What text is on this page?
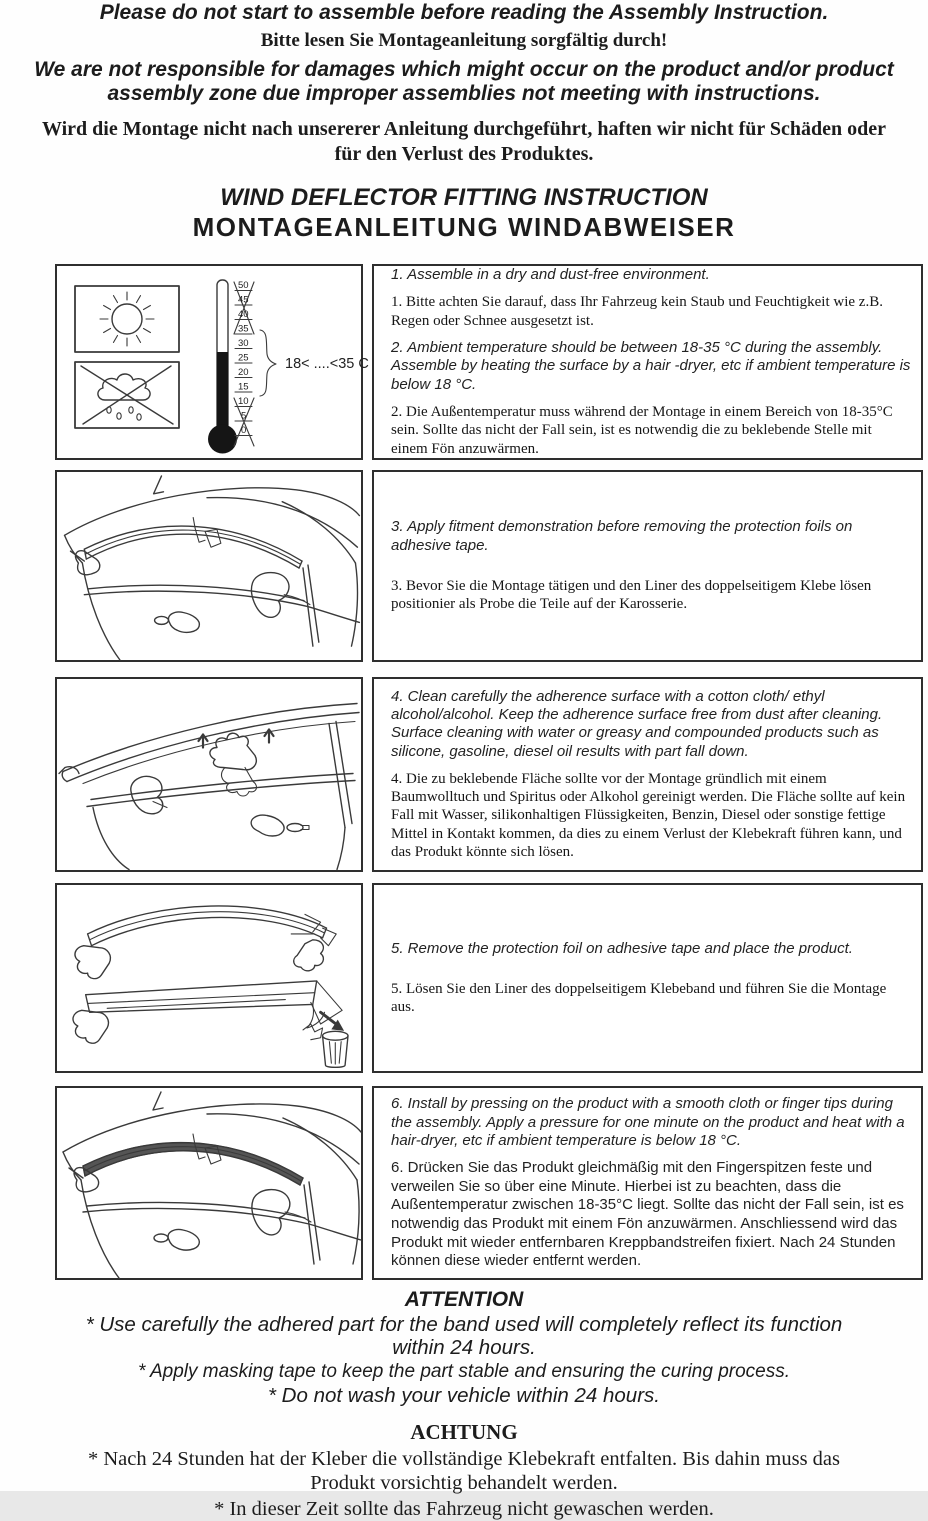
Please do not start to assemble before reading the Assembly Instruction.
Bitte lesen Sie Montageanleitung sorgfältig durch!
We are not responsible for damages which might occur on the product and/or product assembly zone due improper assemblies not meeting with instructions.
Wird die Montage nicht nach unsererer Anleitung durchgeführt, haften wir nicht für Schäden oder für den Verlust des Produktes.
WIND DEFLECTOR FITTING INSTRUCTION
MONTAGEANLEITUNG WINDABWEISER
50
45
40
35
30
25
20
15
10
5
0
18< ....<35 C

1. Assemble in a dry and dust-free environment.

1. Bitte achten Sie darauf, dass Ihr Fahrzeug kein Staub und Feuchtigkeit wie z.B. Regen oder Schnee ausgesetzt ist.

2. Ambient temperature should be between 18-35 °C during the assembly. Assemble by heating the surface by a hair -dryer, etc if ambient temperature is below 18 °C.

2. Die Außentemperatur muss während der Montage in einem Bereich von 18-35°C sein. Sollte das nicht der Fall sein, ist es notwendig die zu beklebende Stelle mit einem Fön anzuwärmen.

3. Apply fitment demonstration before removing the protection foils on adhesive tape.

3. Bevor Sie die Montage tätigen und den Liner des doppelseitigem Klebe lösen positionier als Probe die Teile auf der Karosserie.

4. Clean carefully the adherence surface with a cotton cloth/ ethyl alcohol/alcohol. Keep the adherence surface free from dust after cleaning. Surface cleaning with water or greasy and compounded products such as silicone, gasoline, diesel oil results with part fall down.

4. Die zu beklebende Fläche sollte vor der Montage gründlich mit einem Baumwolltuch und Spiritus oder Alkohol gereinigt werden. Die Fläche sollte auf kein Fall mit Wasser, silikonhaltigen Flüssigkeiten, Benzin, Diesel oder sonstige fettige Mittel in Kontakt kommen, da dies zu einem Verlust der Klebekraft führen kann, und das Produkt könnte sich lösen.

5. Remove the protection foil on adhesive tape and place the product.

5. Lösen Sie den Liner des doppelseitigem Klebeband und führen Sie die Montage aus.

6. Install by pressing on the product with a smooth cloth or finger tips during the assembly. Apply a pressure for one minute on the product and heat with a hair-dryer, etc if ambient temperature is below 18 °C.

6. Drücken Sie das Produkt gleichmäßig mit den Fingerspitzen feste und verweilen Sie so über eine Minute. Hierbei ist zu beachten, dass die Außentemperatur zwischen 18-35°C liegt. Sollte das nicht der Fall sein, ist es notwendig das Produkt mit einem Fön anzuwärmen. Anschliessend wird das Produkt mit wieder entfernbaren Kreppbandstreifen fixiert. Nach 24 Stunden können diese wieder entfernt werden.

ATTENTION
* Use carefully the adhered part for the band used will completely reflect its function within 24 hours.
* Apply masking tape to keep the part stable and ensuring the curing process.
* Do not wash your vehicle within 24 hours.
ACHTUNG
* Nach 24 Stunden hat der Kleber die vollständige Klebekraft entfalten. Bis dahin muss das Produkt vorsichtig behandelt werden.
* In dieser Zeit sollte das Fahrzeug nicht gewaschen werden.
